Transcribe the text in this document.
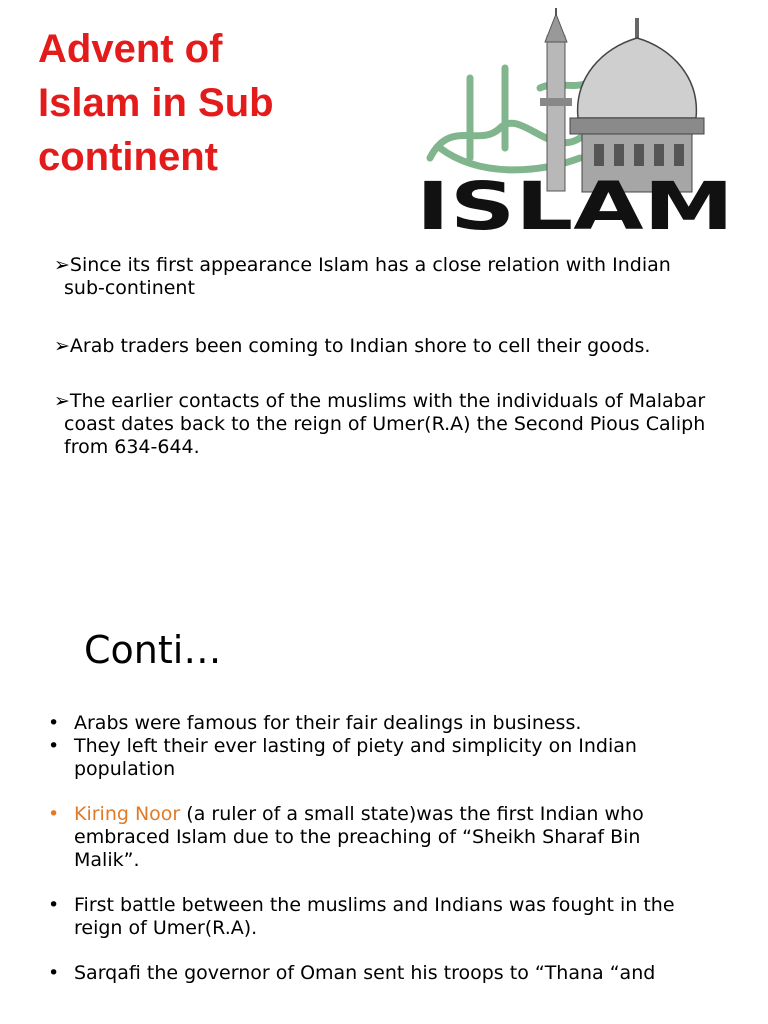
Advent of
Islam in Sub
continent
ISLAM
➢Since its first appearance Islam has a close relation with Indian
sub-continent
➢Arab traders been coming to Indian shore to cell their goods.
➢The earlier contacts of the muslims with the individuals of Malabar
coast dates back to the reign of Umer(R.A) the Second Pious Caliph
from 634-644.
Conti…
• Arabs were famous for their fair dealings in business.
• They left their ever lasting of piety and simplicity on Indian
population
• Kiring Noor (a ruler of a small state)was the first Indian who
embraced Islam due to the preaching of “Sheikh Sharaf Bin
Malik”.
• First battle between the muslims and Indians was fought in the
reign of Umer(R.A).
• Sarqafi the governor of Oman sent his troops to “Thana “and
